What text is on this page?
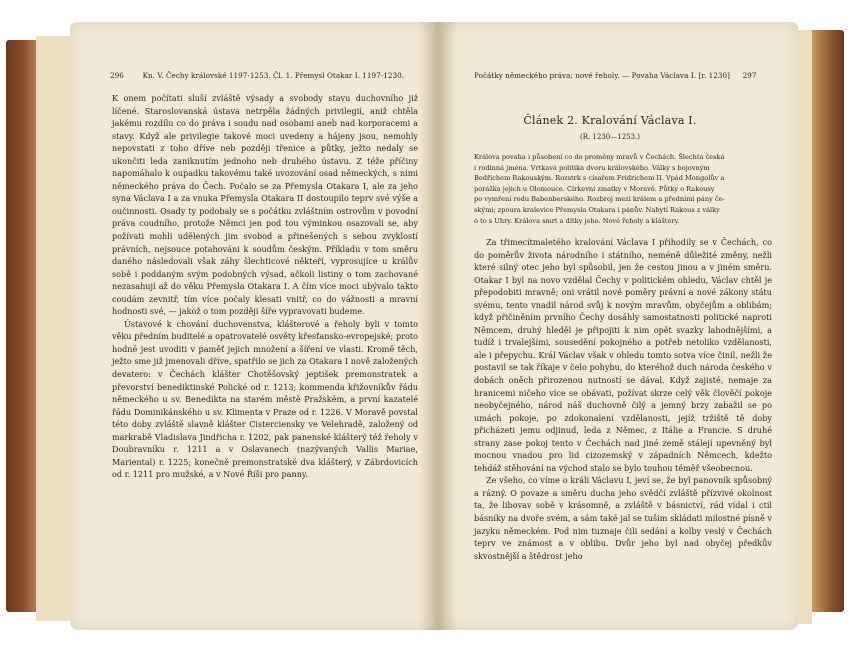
296	Kn. V. Čechy královské 1197-1253. Čl. 1. Přemysl Otakar I. 1197-1230.

K onem počítati sluší zvláště výsady a svobody stavu duchovního již líčené. Staroslovanská ústava netrpěla žádných privilegií, aniž chtěla jakému rozdílu co do práva i soudu nad osobami aneb nad korporacemi a stavy. Když ale privilegie takové moci uvedeny a hájeny jsou, nemohly nepovstati z toho dříve neb později třenice a půtky, ježto nedaly se ukončiti leda zaniknutím jednoho neb druhého ústavu. Z téže příčiny napomáhalo k oupadku takovému také uvozování osad německých, s nimi německého práva do Čech. Počalo se za Přemysla Otakara I, ale za jeho syna Václava I a za vnuka Přemysla Otakara II dostoupilo teprv své výše a oučinnosti. Osady ty podobaly se s počátku zvláštním ostrovům v povodní práva coudního, protože Němci jen pod tou výminkou osazovali se, aby požívati mohli udělených jim svobod a přinešených s sebou zvyklostí právních, nejsouce potahováni k soudům českým. Příkladu v tom směru daného následovali však záhy šlechticové někteří, vyprosujíce u králův sobě i poddaným svým podobných výsad, ačkoli listiny o tom zachované nezasahují až do věku Přemysla Otakara I. A čím více moci ubývalo takto coudám zevnitř, tím více počaly klesati vnitř, co do vážnosti a mravní hodnosti své, — jakož o tom později šíře vypravovati budeme.

Ústavové k chování duchovenstva, klášterové a řeholy byli v tomto věku předním buditelé a opatrovatelé osvěty křesťansko-evropejské; proto hodné jest uvoditi v paměť jejich množení a šíření ve vlasti. Kromě těch, ježto sme již jmenovali dříve, spatřilo se jich za Otakara I nově založených devatero: v Čechách klášter Chotěšovský jeptišek premonstratek a převorství benediktinské Polické od r. 1213; kommenda křižovníkův řádu německého u sv. Benedikta na starém městě Pražském, a první kazatelé řádu Dominikánského u sv. Klimenta v Praze od r. 1226. V Moravě povstal této doby zvláště slavně klášter Cisterciensky ve Velehradě, založený od markrabě Vladislava Jindřicha r. 1202, pak panenské klášterý též řeholy v Doubravníku r. 1211 a v Oslavanech (nazývaných Vallis Mariae, Mariental) r. 1225; konečně premonstratské dva klášterý, v Zábrdovicích od r. 1211 pro mužské, a v Nové Říši pro panny.

Počátky německého práva; nové řeholy. — Povaha Václava I. [r. 1230] 297
Článek 2. Kralování Václava I.
(R. 1230—1253.)
Králova povaha i působení co do proměny mravů v Čechách. Šlechta česká
i rodinná jména. Vrtkavá politika dvoru královského. Války s bojovným
Bedřichem Rakouským. Rozstrk s císařem Fridrichem II. Vpád Mongolův a
porážka jejich u Olomouce. Církevní zmatky v Moravě. Půtky o Rakousy
po vymření rodu Babenberského. Rozbroj mezi králem a předními pány če-
skými; zpoura kralevice Přemysla Otakara i pánův. Nabytí Rakous z války
o to s Uhry. Králova smrt a dítky jeho. Nové řeholy a kláštery.

Za třimecítmaletého kralování Václava I přihodily se v Čechách, co do poměrův života národního i státního, neméně důležité změny, nežli které silný otec jeho byl spůsobil, jen že cestou jinou a v jiném směru. Otakar I byl na novo vzdělal Čechy v politickém ohledu, Václav chtěl je přepodobiti mravně; oni vrátil nové poměry právní a nové zákony státu svému, tento vnadil národ svůj k novým mravům, obyčejům a oblibám; když přičiněním prvního Čechy dosáhly samostatnosti politické naproti Němcem, druhý hleděl je připojiti k nim opět svazky lahodnějšími, a tudíž i trvalejšími, sousedění pokojného a potřeb netoliko vzdělanosti, ale i přepychu. Král Václav však v ohledu tomto sotva více činil, nežli že postavil se tak říkaje v čelo pohybu, do kteréhož duch národa českého v dobách oněch přirozenou nutností se dával. Když zajisté, nemaje za hranicemi ničeho více se obávati, požívat skrze celý věk člověčí pokoje neobyčejného, národ náš duchovně čilý a jemný brzy zabažil se po umách pokoje, po zdokonalení vzdělanosti, jejíž tržiště tě doby přicházeti jemu odjinud, leda z Němec, z Itálie a Francie. S druhé strany zase pokoj tento v Čechách nad jiné země stálejí upevněný byl mocnou vnadou pro lid cizozemský v západních Němcech, kdežto tehdáž stěhování na východ stalo se bylo touhou téměř všeobecnou.

Ze všeho, co víme o králi Václavu I, jeví se, že byl panovník spůsobný a rázný. O povaze a směru ducha jeho svědčí zvláště přízvivé okolnost ta, že libovav sobě v krásomně, a zvláště v básnictví, rád vídal i ctil básníky na dvoře svém, a sám také jal se tušim skládati milostné písně v jazyku německém. Pod nim tuznaje čili sedání a kolby veslý v Čechách teprv ve známost a v oblibu. Dvůr jeho byl nad obyčej předkův skvostnější a štědrost jeho
